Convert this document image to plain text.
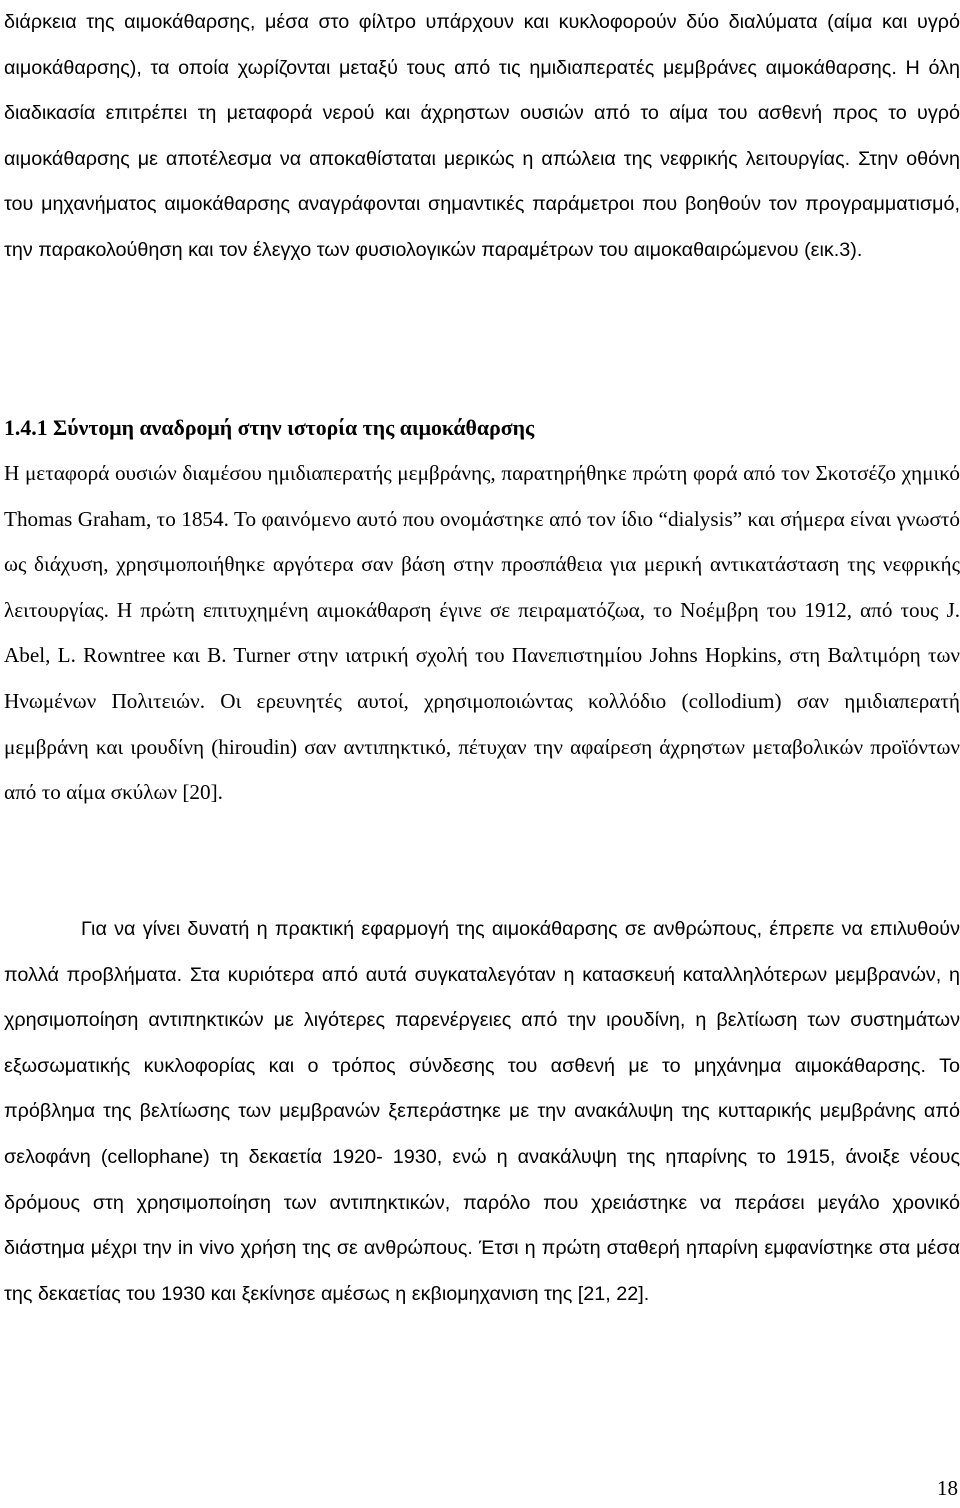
διάρκεια της αιμοκάθαρσης, μέσα στο φίλτρο υπάρχουν και κυκλοφορούν δύο διαλύματα (αίμα και υγρό αιμοκάθαρσης), τα οποία χωρίζονται μεταξύ τους από τις ημιδιαπερατές μεμβράνες αιμοκάθαρσης. Η όλη διαδικασία επιτρέπει τη μεταφορά νερού και άχρηστων ουσιών από το αίμα του ασθενή προς το υγρό αιμοκάθαρσης με αποτέλεσμα να αποκαθίσταται μερικώς η απώλεια της νεφρικής λειτουργίας. Στην οθόνη του μηχανήματος αιμοκάθαρσης αναγράφονται σημαντικές παράμετροι που βοηθούν τον προγραμματισμό, την παρακολούθηση και τον έλεγχο των φυσιολογικών παραμέτρων του αιμοκαθαιρώμενου (εικ.3).

1.4.1 Σύντομη αναδρομή στην ιστορία της αιμοκάθαρσης

Η μεταφορά ουσιών διαμέσου ημιδιαπερατής μεμβράνης, παρατηρήθηκε πρώτη φορά από τον Σκοτσέζο χημικό Thomas Graham, το 1854. Το φαινόμενο αυτό που ονομάστηκε από τον ίδιο “dialysis” και σήμερα είναι γνωστό ως διάχυση, χρησιμοποιήθηκε αργότερα σαν βάση στην προσπάθεια για μερική αντικατάσταση της νεφρικής λειτουργίας. Η πρώτη επιτυχημένη αιμοκάθαρση έγινε σε πειραματόζωα, το Νοέμβρη του 1912, από τους J. Abel, L. Rowntree και B. Turner στην ιατρική σχολή του Πανεπιστημίου Johns Hopkins, στη Βαλτιμόρη των Ηνωμένων Πολιτειών. Οι ερευνητές αυτοί, χρησιμοποιώντας κολλόδιο (collodium) σαν ημιδιαπερατή μεμβράνη και ιρουδίνη (hiroudin) σαν αντιπηκτικό, πέτυχαν την αφαίρεση άχρηστων μεταβολικών προϊόντων από το αίμα σκύλων [20].

Για να γίνει δυνατή η πρακτική εφαρμογή της αιμοκάθαρσης σε ανθρώπους, έπρεπε να επιλυθούν πολλά προβλήματα. Στα κυριότερα από αυτά συγκαταλεγόταν η κατασκευή καταλληλότερων μεμβρανών, η χρησιμοποίηση αντιπηκτικών με λιγότερες παρενέργειες από την ιρουδίνη, η βελτίωση των συστημάτων εξωσωματικής κυκλοφορίας και ο τρόπος σύνδεσης του ασθενή με το μηχάνημα αιμοκάθαρσης. Το πρόβλημα της βελτίωσης των μεμβρανών ξεπεράστηκε με την ανακάλυψη της κυτταρικής μεμβράνης από σελοφάνη (cellophane) τη δεκαετία 1920- 1930, ενώ η ανακάλυψη της ηπαρίνης το 1915, άνοιξε νέους δρόμους στη χρησιμοποίηση των αντιπηκτικών, παρόλο που χρειάστηκε να περάσει μεγάλο χρονικό διάστημα μέχρι την in vivo χρήση της σε ανθρώπους. Έτσι η πρώτη σταθερή ηπαρίνη εμφανίστηκε στα μέσα της δεκαετίας του 1930 και ξεκίνησε αμέσως η εκβιομηχανιση της [21, 22].

18
